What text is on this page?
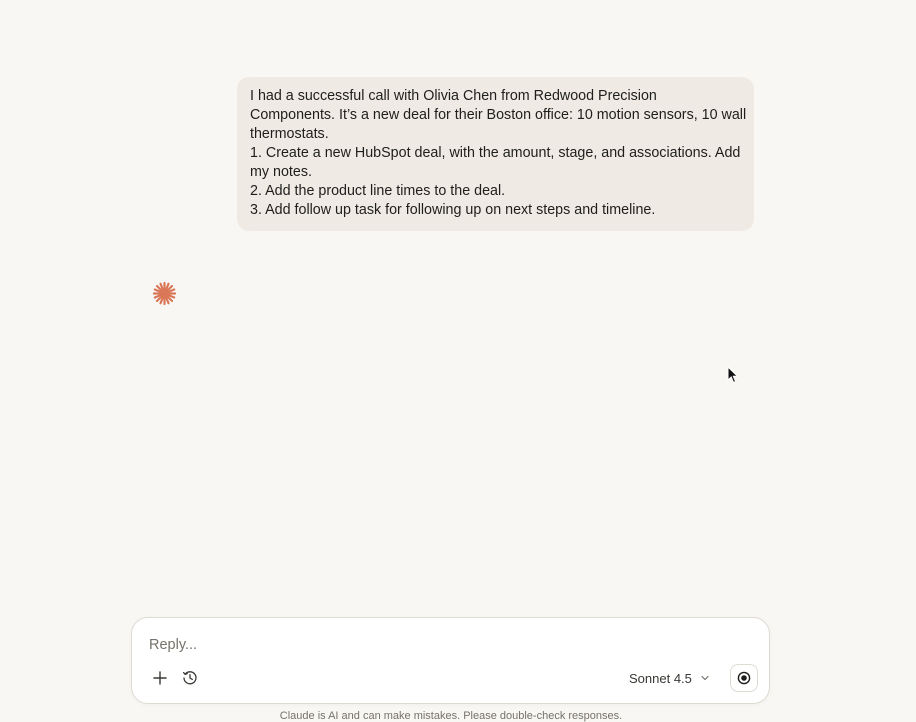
I had a successful call with Olivia Chen from Redwood Precision
Components. It’s a new deal for their Boston office: 10 motion sensors, 10 wall
thermostats.
1. Create a new HubSpot deal, with the amount, stage, and associations. Add
my notes.
2. Add the product line times to the deal.
3. Add follow up task for following up on next steps and timeline.
Reply...
Sonnet 4.5
Claude is AI and can make mistakes. Please double-check responses.
